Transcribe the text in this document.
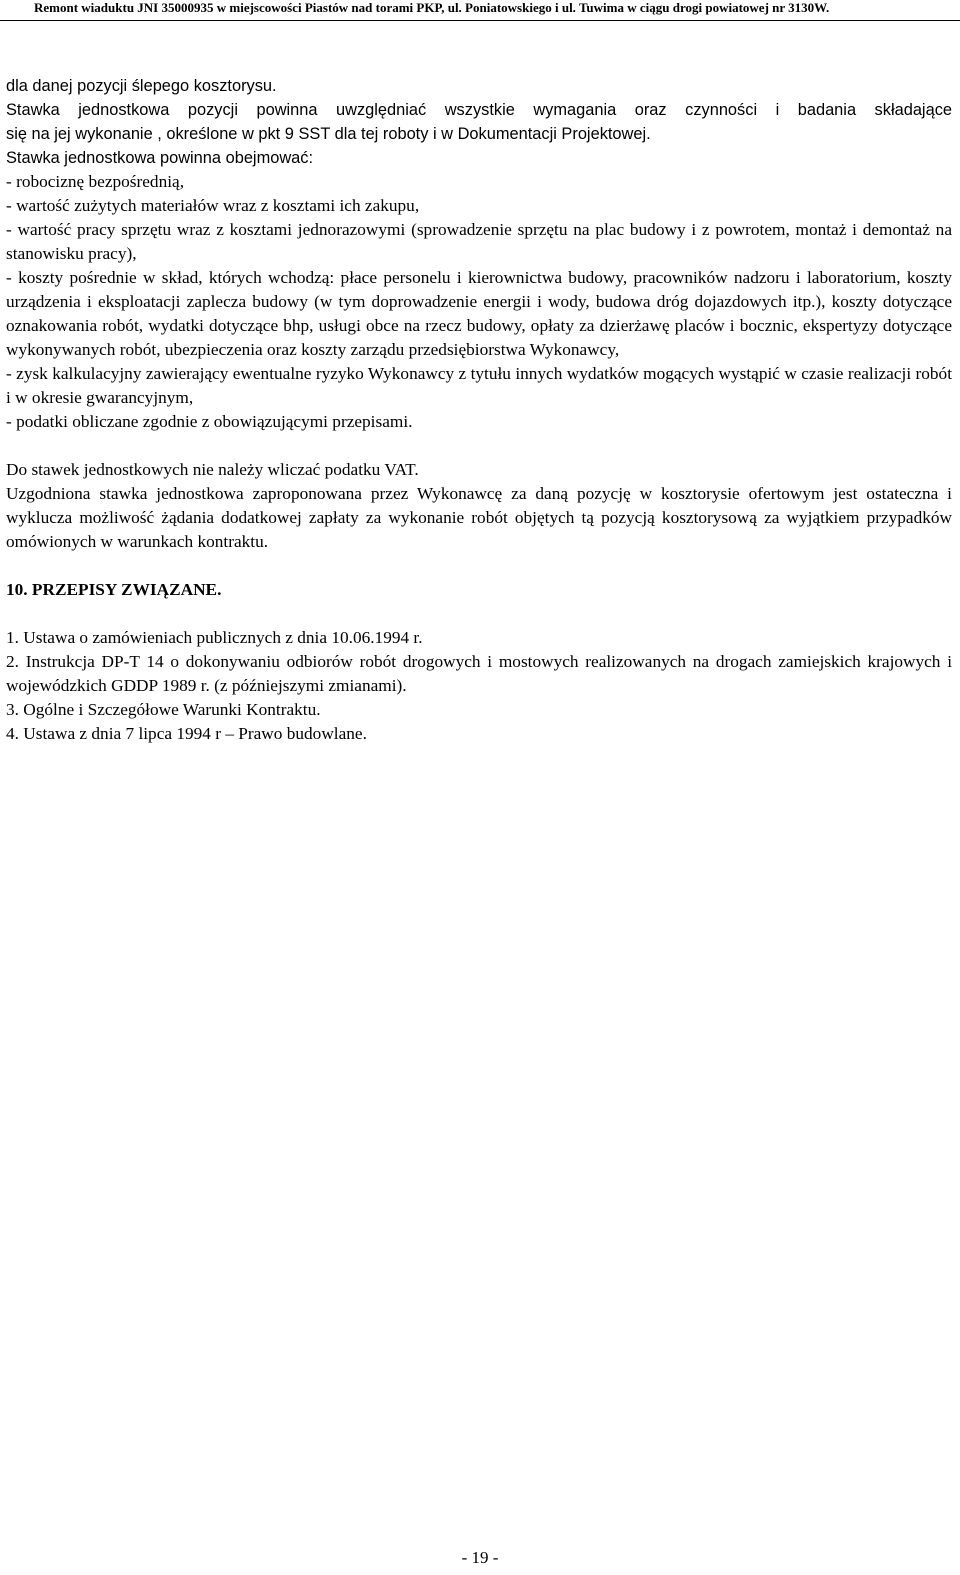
Remont wiaduktu JNI 35000935 w miejscowości Piastów nad torami PKP, ul. Poniatowskiego i ul. Tuwima w ciągu drogi powiatowej nr 3130W.

dla danej pozycji ślepego kosztorysu.

Stawka jednostkowa pozycji powinna uwzględniać wszystkie wymagania oraz czynności i badania składające

się na jej wykonanie , określone w pkt 9 SST dla tej roboty i w Dokumentacji Projektowej.

Stawka jednostkowa powinna obejmować:

- robociznę bezpośrednią,

- wartość zużytych materiałów wraz z kosztami ich zakupu,

- wartość pracy sprzętu wraz z kosztami jednorazowymi (sprowadzenie sprzętu na plac budowy i z powrotem, montaż i demontaż na stanowisku pracy),

- koszty pośrednie w skład, których wchodzą: płace personelu i kierownictwa budowy, pracowników nadzoru i laboratorium, koszty urządzenia i eksploatacji zaplecza budowy (w tym doprowadzenie energii i wody, budowa dróg dojazdowych itp.), koszty dotyczące oznakowania robót, wydatki dotyczące bhp, usługi obce na rzecz budowy, opłaty za dzierżawę placów i bocznic, ekspertyzy dotyczące wykonywanych robót, ubezpieczenia oraz koszty zarządu przedsiębiorstwa Wykonawcy,

- zysk kalkulacyjny zawierający ewentualne ryzyko Wykonawcy z tytułu innych wydatków mogących wystąpić w czasie realizacji robót i w okresie gwarancyjnym,

- podatki obliczane zgodnie z obowiązującymi przepisami.

Do stawek jednostkowych nie należy wliczać podatku VAT.

Uzgodniona stawka jednostkowa zaproponowana przez Wykonawcę za daną pozycję w kosztorysie ofertowym jest ostateczna i wyklucza możliwość żądania dodatkowej zapłaty za wykonanie robót objętych tą pozycją kosztorysową za wyjątkiem przypadków omówionych w warunkach kontraktu.

10. PRZEPISY ZWIĄZANE.

1. Ustawa o zamówieniach publicznych z dnia 10.06.1994 r.

2. Instrukcja DP-T 14 o dokonywaniu odbiorów robót drogowych i mostowych realizowanych na drogach zamiejskich krajowych i wojewódzkich GDDP 1989 r. (z późniejszymi zmianami).

3. Ogólne i Szczegółowe Warunki Kontraktu.

4. Ustawa z dnia 7 lipca 1994 r – Prawo budowlane.

- 19 -
